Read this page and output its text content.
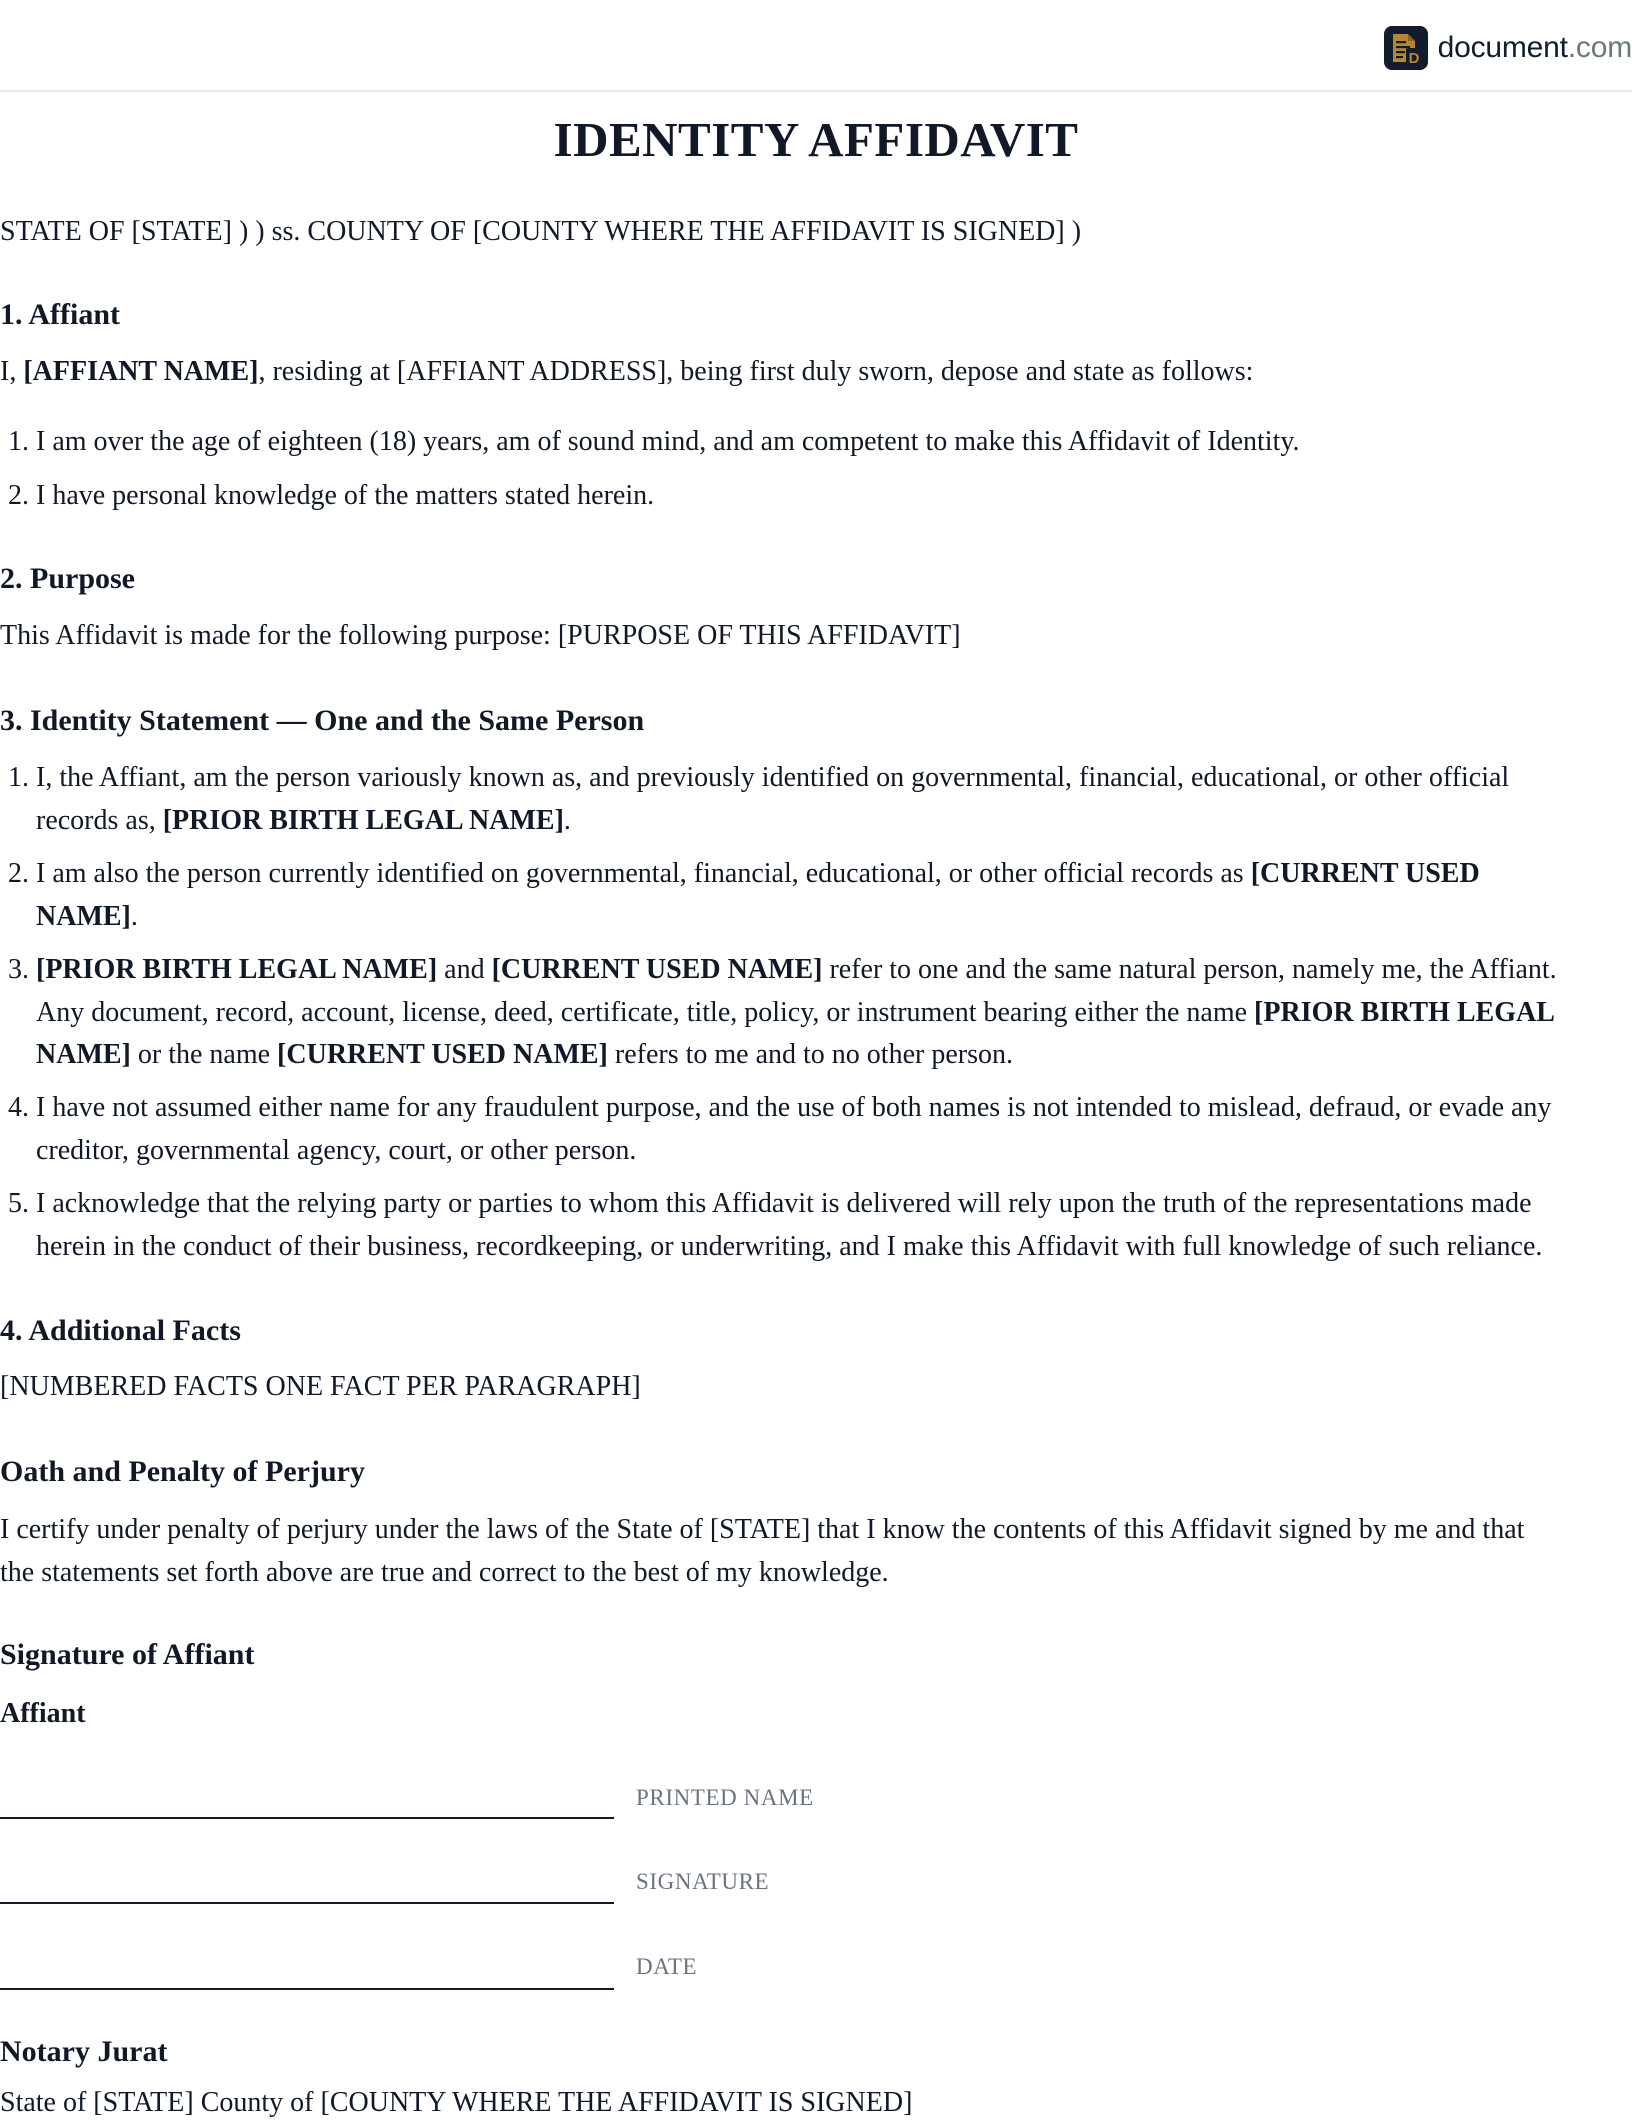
D document.com
IDENTITY AFFIDAVIT

STATE OF [STATE] ) ) ss. COUNTY OF [COUNTY WHERE THE AFFIDAVIT IS SIGNED] )

1. Affiant

I, [AFFIANT NAME], residing at [AFFIANT ADDRESS], being first duly sworn, depose and state as follows:

1. I am over the age of eighteen (18) years, am of sound mind, and am competent to make this Affidavit of Identity.
2. I have personal knowledge of the matters stated herein.
2. Purpose

This Affidavit is made for the following purpose: [PURPOSE OF THIS AFFIDAVIT]

3. Identity Statement — One and the Same Person
1. I, the Affiant, am the person variously known as, and previously identified on governmental, financial, educational, or other official
records as, [PRIOR BIRTH LEGAL NAME].
2. I am also the person currently identified on governmental, financial, educational, or other official records as [CURRENT USED
NAME].
3. [PRIOR BIRTH LEGAL NAME] and [CURRENT USED NAME] refer to one and the same natural person, namely me, the Affiant.
Any document, record, account, license, deed, certificate, title, policy, or instrument bearing either the name [PRIOR BIRTH LEGAL
NAME] or the name [CURRENT USED NAME] refers to me and to no other person.
4. I have not assumed either name for any fraudulent purpose, and the use of both names is not intended to mislead, defraud, or evade any
creditor, governmental agency, court, or other person.
5. I acknowledge that the relying party or parties to whom this Affidavit is delivered will rely upon the truth of the representations made
herein in the conduct of their business, recordkeeping, or underwriting, and I make this Affidavit with full knowledge of such reliance.
4. Additional Facts

[NUMBERED FACTS ONE FACT PER PARAGRAPH]

Oath and Penalty of Perjury

I certify under penalty of perjury under the laws of the State of [STATE] that I know the contents of this Affidavit signed by me and that
the statements set forth above are true and correct to the best of my knowledge.

Signature of Affiant
Affiant
PRINTED NAME
SIGNATURE
DATE
Notary Jurat

State of [STATE] County of [COUNTY WHERE THE AFFIDAVIT IS SIGNED]
